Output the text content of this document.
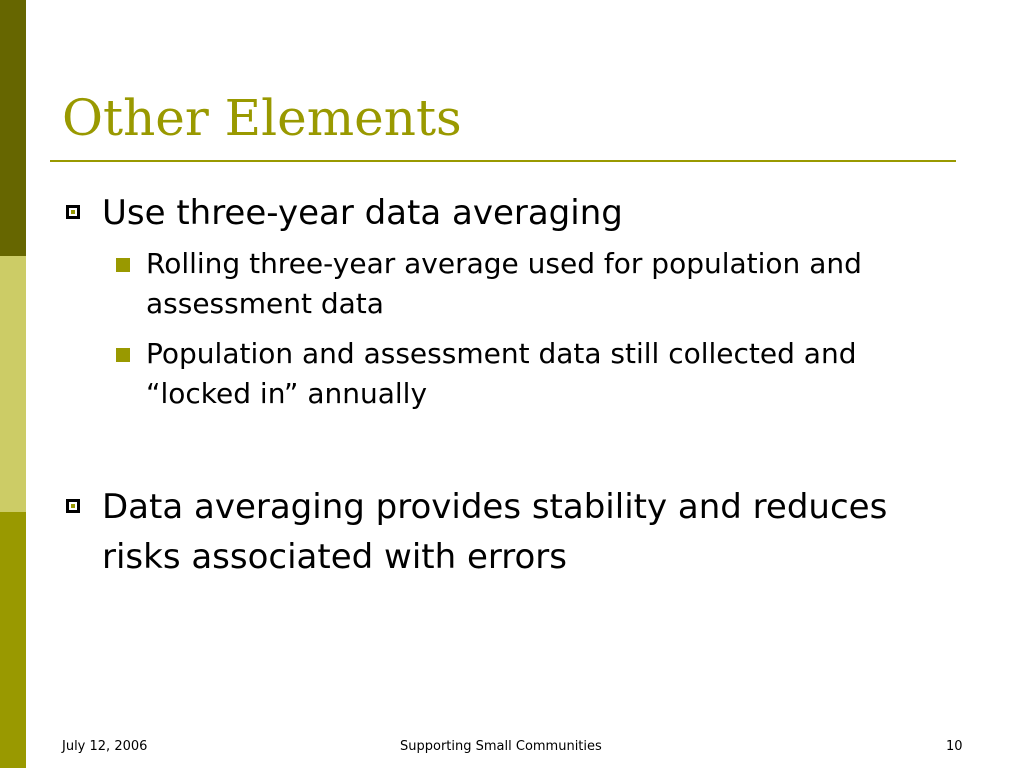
Other Elements
Use three-year data averaging
Rolling three-year average used for population and assessment data
Population and assessment data still collected and “locked in” annually
Data averaging provides stability and reduces risks associated with errors
July 12, 2006	Supporting Small Communities	10
